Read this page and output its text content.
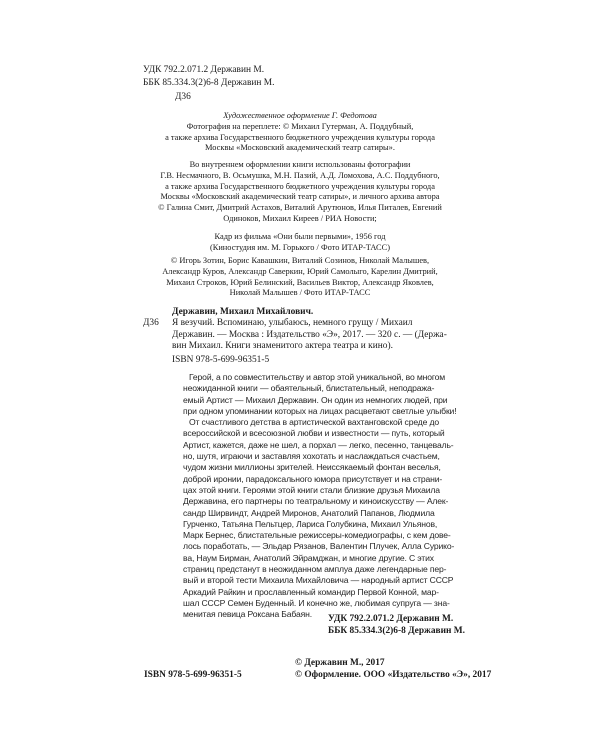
УДК 792.2.071.2 Державин М.
ББК 85.334.3(2)6-8 Державин М.
Д36
Художественное оформление Г. Федотова
Фотография на переплете: © Михаил Гутерман, А. Поддубный,
а также архива Государственного бюджетного учреждения культуры города
Москвы «Московский академический театр сатиры».
Во внутреннем оформлении книги использованы фотографии
Г.В. Несмачного, В. Осьмушка, М.Н. Пазий, А.Д. Ломохова, А.С. Поддубного,
а также архива Государственного бюджетного учреждения культуры города
Москвы «Московский академический театр сатиры», и личного архива автора
© Галина Смит, Дмитрий Астахов, Виталий Арутюнов, Илья Питалев, Евгений
Одиноков, Михаил Киреев / РИА Новости;
Кадр из фильма «Они были первыми», 1956 год
(Киностудия им. М. Горького / Фото ИТАР-ТАСС)
© Игорь Зотин, Борис Кавашкин, Виталий Созинов, Николай Малышев,
Александр Куров, Александр Саверкин, Юрий Самолыго, Карелин Дмитрий,
Михаил Строков, Юрий Белинский, Васильев Виктор, Александр Яковлев,
Николай Малышев / Фото ИТАР-ТАСС
Державин, Михаил Михайлович.
Д36 Я везучий. Вспоминаю, улыбаюсь, немного грущу / Михаил
Державин. — Москва : Издательство «Э», 2017. — 320 с. — (Держа-
вин Михаил. Книги знаменитого актера театра и кино).
ISBN 978-5-699-96351-5
Герой, а по совместительству и автор этой уникальной, во многом
неожиданной книги — обаятельный, блистательный, неподража-
емый Артист — Михаил Державин. Он один из немногих людей, при
при одном упоминании которых на лицах расцветают светлые улыбки!
От счастливого детства в артистической вахтанговской среде до
всероссийской и всесоюзной любви и известности — путь, который
Артист, кажется, даже не шел, а порхал — легко, песенно, танцеваль-
но, шутя, играючи и заставляя хохотать и наслаждаться счастьем,
чудом жизни миллионы зрителей. Неиссякаемый фонтан веселья,
доброй иронии, парадоксального юмора присутствует и на страни-
цах этой книги. Героями этой книги стали близкие друзья Михаила
Державина, его партнеры по театральному и киноискусству — Алек-
сандр Ширвиндт, Андрей Миронов, Анатолий Папанов, Людмила
Гурченко, Татьяна Пельтцер, Лариса Голубкина, Михаил Ульянов,
Марк Бернес, блистательные режиссеры-комедиографы, с кем дове-
лось поработать, — Эльдар Рязанов, Валентин Плучек, Алла Сурико-
ва, Наум Бирман, Анатолий Эйрамджан, и многие другие. С этих
страниц предстанут в неожиданном амплуа даже легендарные пер-
вый и второй тести Михаила Михайловича — народный артист СССР
Аркадий Райкин и прославленный командир Первой Конной, мар-
шал СССР Семен Буденный. И конечно же, любимая супруга — зна-
менитая певица Роксана Бабаян.	УДК 792.2.071.2 Державин М.
ББК 85.334.3(2)6-8 Державин М.
ISBN 978-5-699-96351-5
© Державин М., 2017
© Оформление. ООО «Издательство «Э», 2017
